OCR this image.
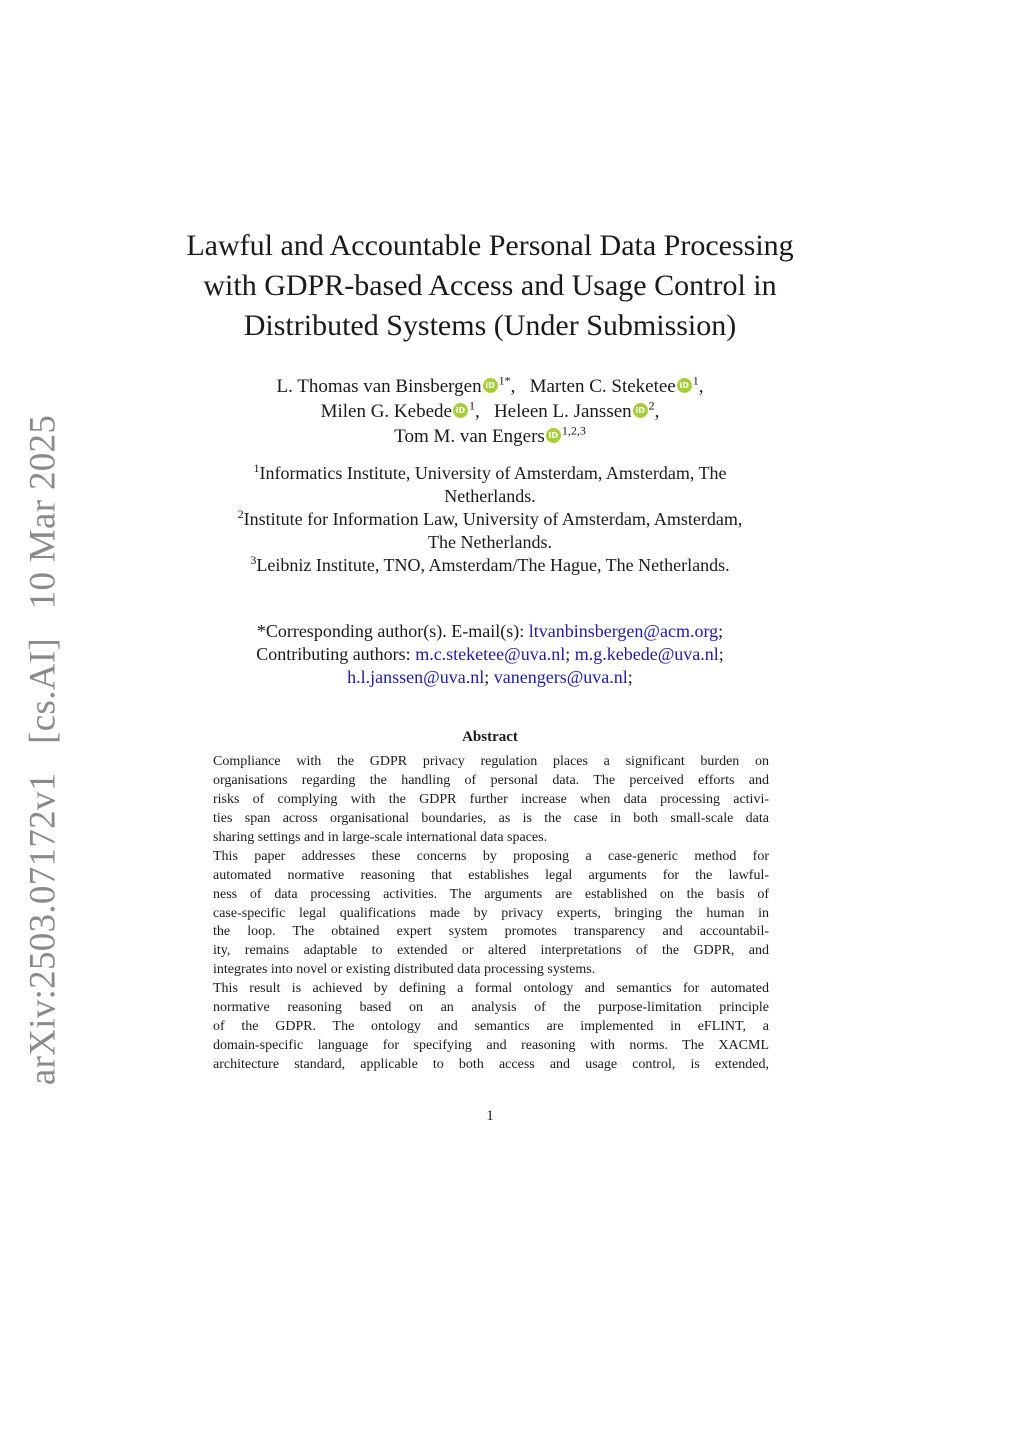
arXiv:2503.07172v1   [cs.AI]   10 Mar 2025
Lawful and Accountable Personal Data Processing
with GDPR-based Access and Usage Control in
Distributed Systems (Under Submission)
L. Thomas van Binsbergen iD $^{1*}$, Marten C. Steketee iD $^1$,
Milen G. Kebede iD $^1$, Heleen L. Janssen iD $^2$,
Tom M. van Engers iD $^{1,2,3}$
$^1$Informatics Institute, University of Amsterdam, Amsterdam, The
Netherlands.
$^2$Institute for Information Law, University of Amsterdam, Amsterdam,
The Netherlands.
$^3$Leibniz Institute, TNO, Amsterdam/The Hague, The Netherlands.
*Corresponding author(s). E-mail(s): ltvanbinsbergen@acm.org;
Contributing authors: m.c.steketee@uva.nl; m.g.kebede@uva.nl;
h.l.janssen@uva.nl; vanengers@uva.nl;
Abstract
Compliance with the GDPR privacy regulation places a significant burden on
organisations regarding the handling of personal data. The perceived efforts and
risks of complying with the GDPR further increase when data processing activi-
ties span across organisational boundaries, as is the case in both small-scale data
sharing settings and in large-scale international data spaces.
This paper addresses these concerns by proposing a case-generic method for
automated normative reasoning that establishes legal arguments for the lawful-
ness of data processing activities. The arguments are established on the basis of
case-specific legal qualifications made by privacy experts, bringing the human in
the loop. The obtained expert system promotes transparency and accountabil-
ity, remains adaptable to extended or altered interpretations of the GDPR, and
integrates into novel or existing distributed data processing systems.
This result is achieved by defining a formal ontology and semantics for automated
normative reasoning based on an analysis of the purpose-limitation principle
of the GDPR. The ontology and semantics are implemented in eFLINT, a
domain-specific language for specifying and reasoning with norms. The XACML
architecture standard, applicable to both access and usage control, is extended,
1
